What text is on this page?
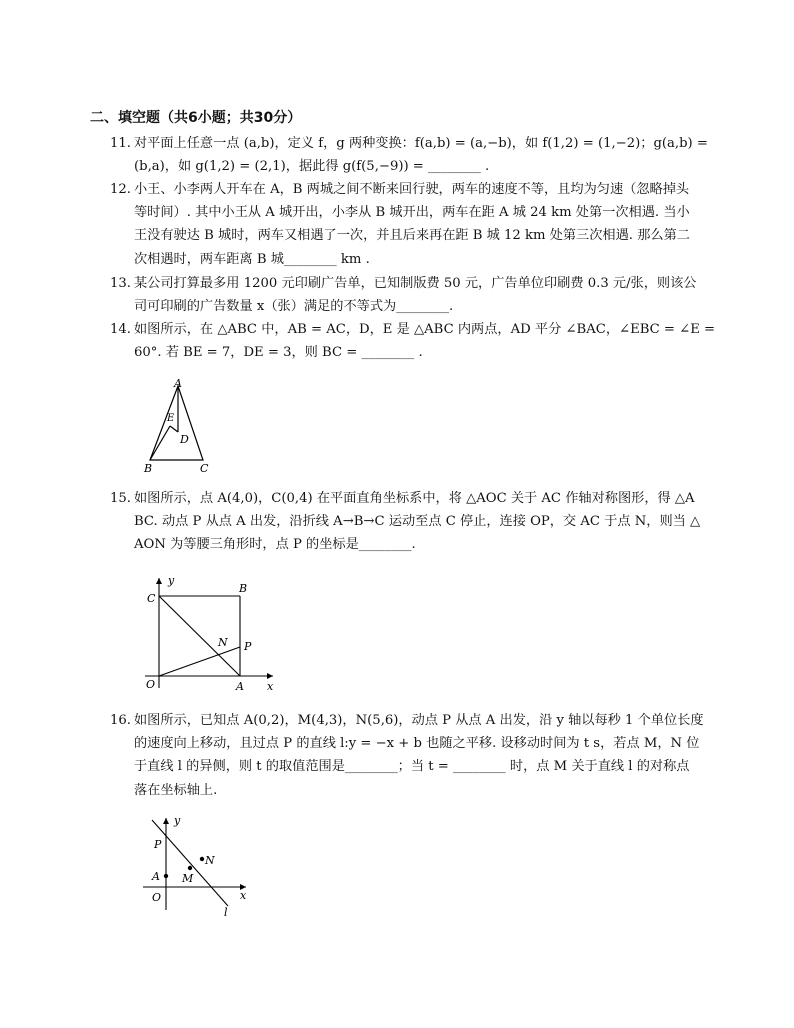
二、填空题（共6小题；共30分）
11. 对平面上任意一点 (a,b)，定义 f，g 两种变换：f(a,b) = (a,−b)，如 f(1,2) = (1,−2)；g(a,b) =
(b,a)，如 g(1,2) = (2,1)，据此得 g(f(5,−9)) = ________ .
12. 小王、小李两人开车在 A，B 两城之间不断来回行驶，两车的速度不等，且均为匀速（忽略掉头
等时间）. 其中小王从 A 城开出，小李从 B 城开出，两车在距 A 城 24 km 处第一次相遇. 当小
王没有驶达 B 城时，两车又相遇了一次，并且后来再在距 B 城 12 km 处第三次相遇. 那么第二
次相遇时，两车距离 B 城________ km .
13. 某公司打算最多用 1200 元印刷广告单，已知制版费 50 元，广告单位印刷费 0.3 元/张，则该公
司可印刷的广告数量 x（张）满足的不等式为________.
14. 如图所示，在 △ABC 中，AB = AC，D，E 是 △ABC 内两点，AD 平分 ∠BAC，∠EBC = ∠E =
60°. 若 BE = 7，DE = 3，则 BC = ________ .
A
E
D
B	C
15. 如图所示，点 A(4,0)，C(0,4) 在平面直角坐标系中，将 △AOC 关于 AC 作轴对称图形，得 △A
BC. 动点 P 从点 A 出发，沿折线 A→B→C 运动至点 C 停止，连接 OP，交 AC 于点 N，则当 △
AON 为等腰三角形时，点 P 的坐标是________.
y
x
O	A
B
C
N P
16. 如图所示，已知点 A(0,2)，M(4,3)，N(5,6)，动点 P 从点 A 出发，沿 y 轴以每秒 1 个单位长度
的速度向上移动，且过点 P 的直线 l:y = −x + b 也随之平移. 设移动时间为 t s，若点 M，N 位
于直线 l 的异侧，则 t 的取值范围是________；当 t = ________ 时，点 M 关于直线 l 的对称点
落在坐标轴上.
y
x
O
A
P
M
N
l
